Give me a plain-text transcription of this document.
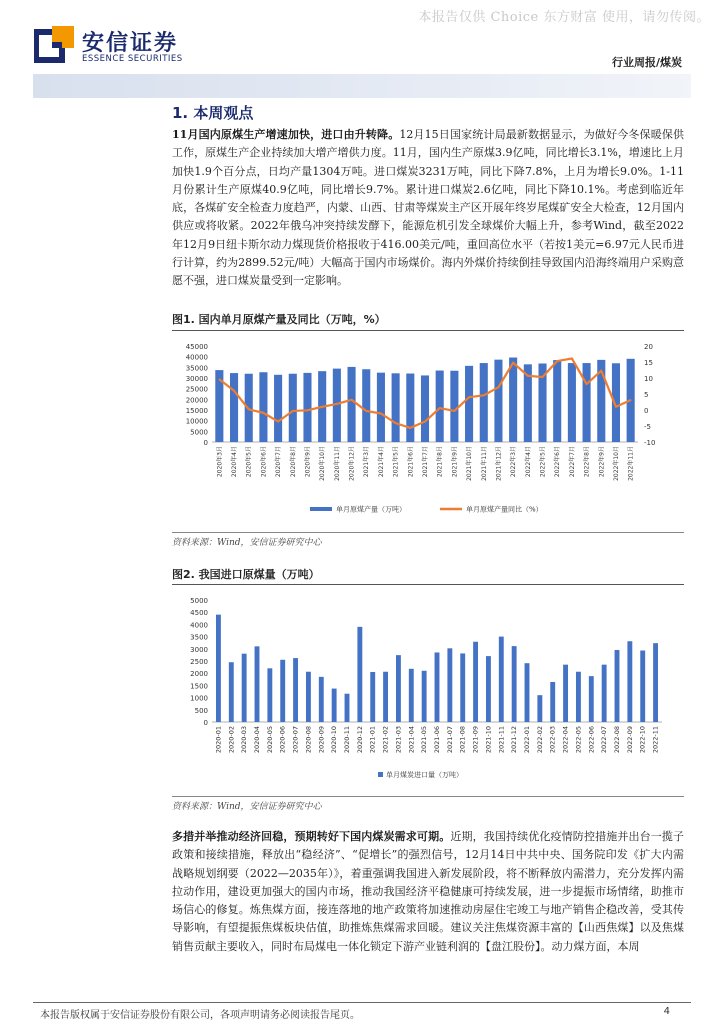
本报告仅供 Choice 东方财富 使用，请勿传阅。
安信证券
ESSENCE SECURITIES	行业周报/煤炭
1. 本周观点
11月国内原煤生产增速加快，进口由升转降。12月15日国家统计局最新数据显示，为做好今冬保暖保供工作，原煤生产企业持续加大增产增供力度。11月，国内生产原煤3.9亿吨，同比增长3.1%，增速比上月加快1.9个百分点，日均产量1304万吨。进口煤炭3231万吨，同比下降7.8%，上月为增长9.0%。1-11月份累计生产原煤40.9亿吨，同比增长9.7%。累计进口煤炭2.6亿吨，同比下降10.1%。考虑到临近年底，各煤矿安全检查力度趋严，内蒙、山西、甘肃等煤炭主产区开展年终岁尾煤矿安全大检查，12月国内供应或将收紧。2022年俄乌冲突持续发酵下，能源危机引发全球煤价大幅上升，参考Wind，截至2022年12月9日纽卡斯尔动力煤现货价格报收于416.00美元/吨，重回高位水平（若按1美元=6.97元人民币进行计算，约为2899.52元/吨）大幅高于国内市场煤价。海内外煤价持续倒挂导致国内沿海终端用户采购意愿不强，进口煤炭量受到一定影响。
图1. 国内单月原煤产量及同比（万吨，%）
0
5000
10000
15000
20000
25000
30000
35000
40000
45000
-10
-5
0
5
10
15
20
2020年3月 2020年4月 2020年5月 2020年6月 2020年7月 2020年8月 2020年9月 2020年10月 2020年11月 2020年12月 2021年3月 2021年4月 2021年5月 2021年6月 2021年7月 2021年8月 2021年9月 2021年10月 2021年11月 2021年12月 2022年3月 2022年4月 2022年5月 2022年6月 2022年7月 2022年8月 2022年9月 2022年10月 2022年11月
单月原煤产量（万吨）	单月原煤产量同比（%）
资料来源：Wind，安信证券研究中心
图2. 我国进口原煤量（万吨）
0
500
1000
1500
2000
2500
3000
3500
4000
4500
5000
2020-01 2020-02 2020-03 2020-04 2020-05 2020-06 2020-07 2020-08 2020-09 2020-10 2020-11 2020-12 2021-01 2021-02 2021-03 2021-04 2021-05 2021-06 2021-07 2021-08 2021-09 2021-10 2021-11 2021-12 2022-01 2022-02 2022-03 2022-04 2022-05 2022-06 2022-07 2022-08 2022-09 2022-10 2022-11
单月煤炭进口量（万吨）
资料来源：Wind，安信证券研究中心
多措并举推动经济回稳，预期转好下国内煤炭需求可期。近期，我国持续优化疫情防控措施并出台一揽子政策和接续措施，释放出“稳经济”、“促增长”的强烈信号，12月14日中共中央、国务院印发《扩大内需战略规划纲要（2022—2035年）》，着重强调我国进入新发展阶段，将不断释放内需潜力，充分发挥内需拉动作用，建设更加强大的国内市场，推动我国经济平稳健康可持续发展，进一步提振市场情绪，助推市场信心的修复。炼焦煤方面，接连落地的地产政策将加速推动房屋住宅竣工与地产销售企稳改善，受其传导影响，有望提振焦煤板块估值，助推炼焦煤需求回暖。建议关注焦煤资源丰富的【山西焦煤】以及焦煤销售贡献主要收入，同时布局煤电一体化锁定下游产业链利润的【盘江股份】。动力煤方面，本周
本报告版权属于安信证券股份有限公司，各项声明请务必阅读报告尾页。	4
